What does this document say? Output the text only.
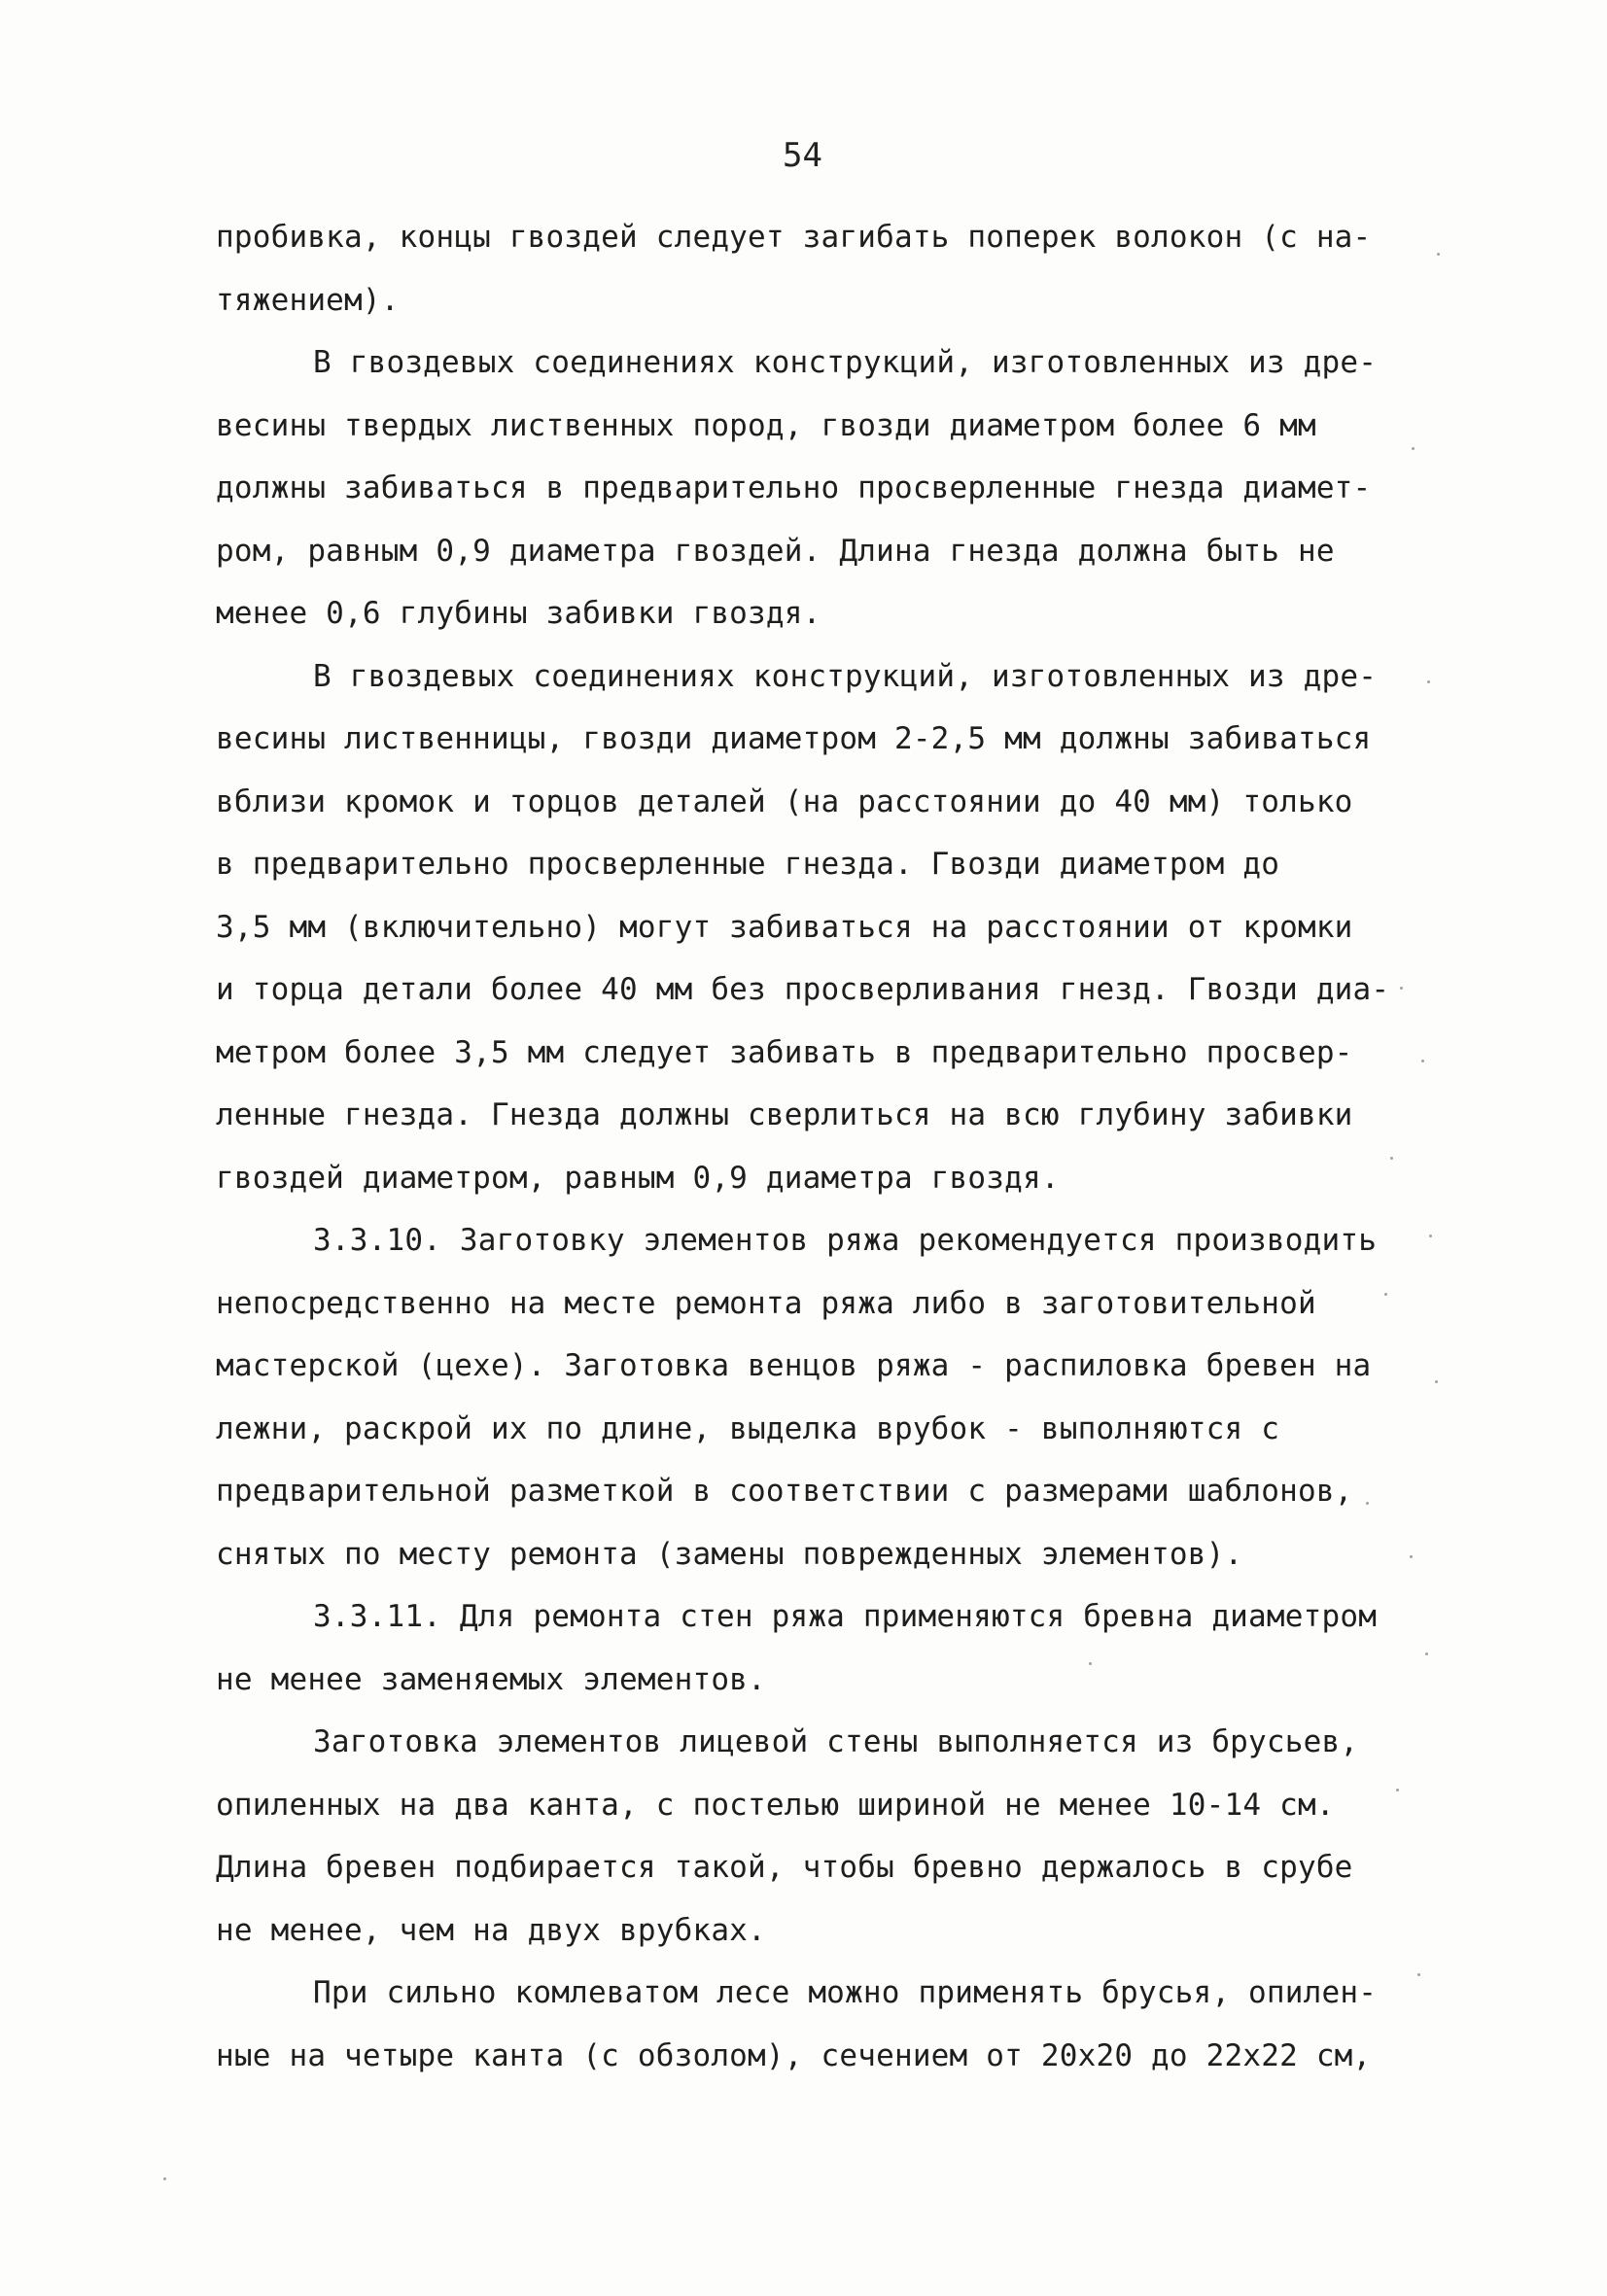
54
пробивка, концы гвоздей следует загибать поперек волокон (с на-
тяжением).
В гвоздевых соединениях конструкций, изготовленных из дре-
весины твердых лиственных пород, гвозди диаметром более 6 мм
должны забиваться в предварительно просверленные гнезда диамет-
ром, равным 0,9 диаметра гвоздей. Длина гнезда должна быть не
менее 0,6 глубины забивки гвоздя.
В гвоздевых соединениях конструкций, изготовленных из дре-
весины лиственницы, гвозди диаметром 2-2,5 мм должны забиваться
вблизи кромок и торцов деталей (на расстоянии до 40 мм) только
в предварительно просверленные гнезда. Гвозди диаметром до
3,5 мм (включительно) могут забиваться на расстоянии от кромки
и торца детали более 40 мм без просверливания гнезд. Гвозди диа-
метром более 3,5 мм следует забивать в предварительно просвер-
ленные гнезда. Гнезда должны сверлиться на всю глубину забивки
гвоздей диаметром, равным 0,9 диаметра гвоздя.
3.3.10. Заготовку элементов ряжа рекомендуется производить
непосредственно на месте ремонта ряжа либо в заготовительной
мастерской (цехе). Заготовка венцов ряжа - распиловка бревен на
лежни, раскрой их по длине, выделка врубок - выполняются с
предварительной разметкой в соответствии с размерами шаблонов,
снятых по месту ремонта (замены поврежденных элементов).
3.3.11. Для ремонта стен ряжа применяются бревна диаметром
не менее заменяемых элементов.
Заготовка элементов лицевой стены выполняется из брусьев,
опиленных на два канта, с постелью шириной не менее 10-14 см.
Длина бревен подбирается такой, чтобы бревно держалось в срубе
не менее, чем на двух врубках.
При сильно комлеватом лесе можно применять брусья, опилен-
ные на четыре канта (с обзолом), сечением от 20x20 до 22x22 см,
